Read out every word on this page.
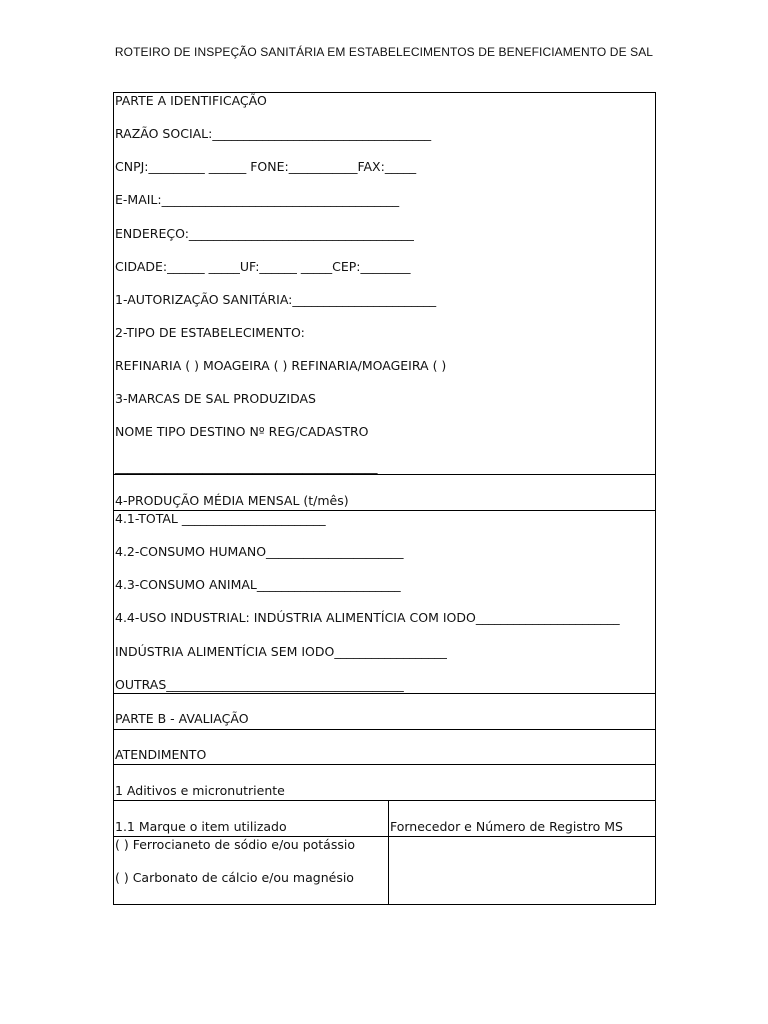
ROTEIRO DE INSPEÇÃO SANITÁRIA EM ESTABELECIMENTOS DE BENEFICIAMENTO DE SAL
PARTE A IDENTIFICAÇÃO
RAZÃO SOCIAL:___________________________________
CNPJ:_________ ______ FONE:___________FAX:_____
E-MAIL:______________________________________
ENDEREÇO:____________________________________
CIDADE:______ _____UF:______ _____CEP:________
1-AUTORIZAÇÃO SANITÁRIA:_______________________
2-TIPO DE ESTABELECIMENTO:
REFINARIA ( ) MOAGEIRA ( ) REFINARIA/MOAGEIRA ( )
3-MARCAS DE SAL PRODUZIDAS
NOME TIPO DESTINO Nº REG/CADASTRO
__________________________________________
4-PRODUÇÃO MÉDIA MENSAL (t/mês)
4.1-TOTAL _______________________
4.2-CONSUMO HUMANO______________________
4.3-CONSUMO ANIMAL_______________________
4.4-USO INDUSTRIAL: INDÚSTRIA ALIMENTÍCIA COM IODO_______________________
INDÚSTRIA ALIMENTÍCIA SEM IODO__________________
OUTRAS______________________________________
PARTE B - AVALIAÇÃO
ATENDIMENTO
1 Aditivos e micronutriente
1.1 Marque o item utilizado	Fornecedor e Número de Registro MS
( ) Ferrocianeto de sódio e/ou potássio
( ) Carbonato de cálcio e/ou magnésio
